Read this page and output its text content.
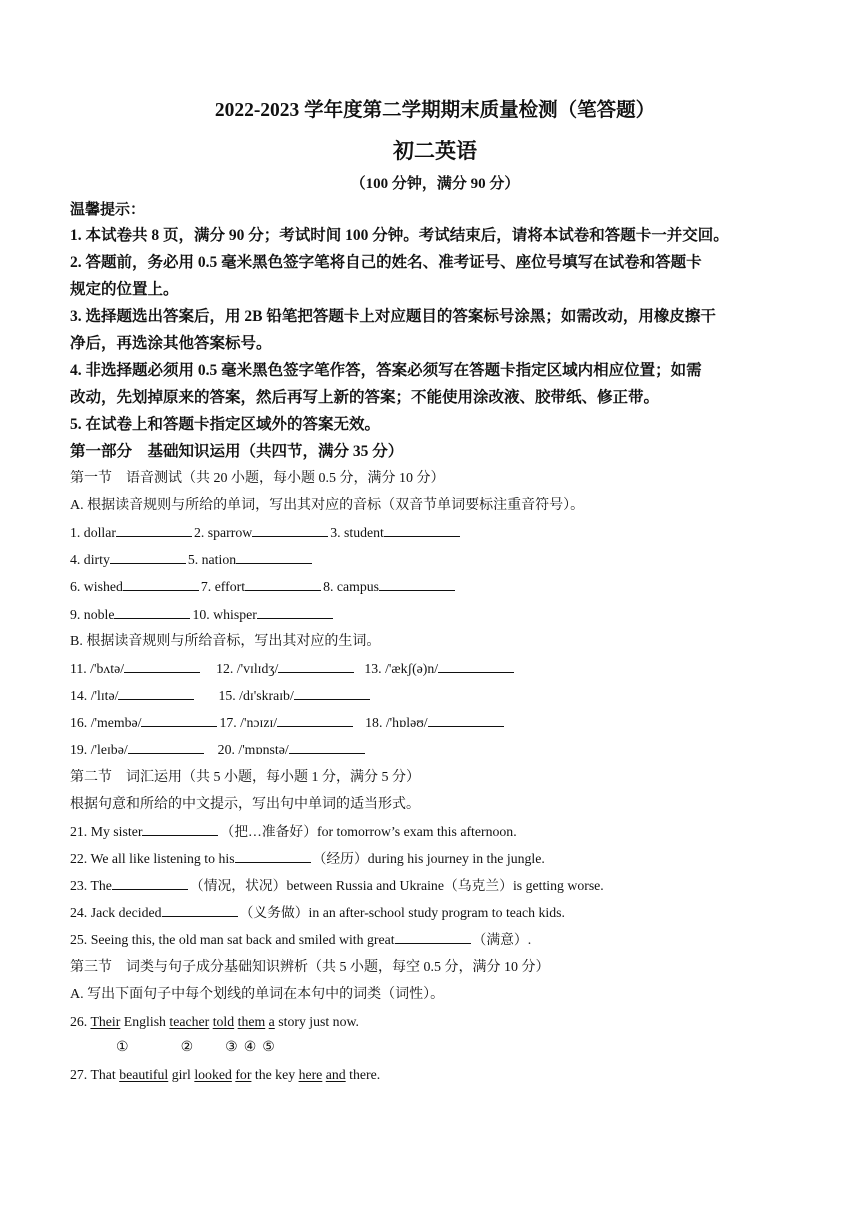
2022-2023 学年度第二学期期末质量检测（笔答题）
初二英语
（100 分钟，满分 90 分）
温馨提示：
1. 本试卷共 8 页，满分 90 分；考试时间 100 分钟。考试结束后，请将本试卷和答题卡一并交回。
2. 答题前，务必用 0.5 毫米黑色签字笔将自己的姓名、准考证号、座位号填写在试卷和答题卡
规定的位置上。
3. 选择题选出答案后，用 2B 铅笔把答题卡上对应题目的答案标号涂黑；如需改动，用橡皮擦干
净后，再选涂其他答案标号。
4. 非选择题必须用 0.5 毫米黑色签字笔作答，答案必须写在答题卡指定区域内相应位置；如需
改动，先划掉原来的答案，然后再写上新的答案；不能使用涂改液、胶带纸、修正带。
5. 在试卷上和答题卡指定区域外的答案无效。
第一部分　基础知识运用（共四节，满分 35 分）
第一节　语音测试（共 20 小题，每小题 0.5 分，满分 10 分）
A. 根据读音规则与所给的单词，写出其对应的音标（双音节单词要标注重音符号）。
1. dollar	2. sparrow	3. student
4. dirty	5. nation
6. wished	7. effort	8. campus
9. noble	10. whisper
B. 根据读音规则与所给音标，写出其对应的生词。
11. /'bʌtə/	12. /'vɪlɪdʒ/	13. /'ækʃ(ə)n/
14. /'lɪtə/	15. /dɪ'skraɪb/
16. /'membə/	17. /'nɔɪzɪ/	18. /'hɒləʊ/
19. /'leɪbə/	20. /'mɒnstə/
第二节　词汇运用（共 5 小题，每小题 1 分，满分 5 分）
根据句意和所给的中文提示，写出句中单词的适当形式。
21. My sister	（把…准备好）for tomorrow’s exam this afternoon.
22. We all like listening to his	（经历）during his journey in the jungle.
23. The	（情况，状况）between Russia and Ukraine（乌克兰）is getting worse.
24. Jack decided	（义务做）in an after-school study program to teach kids.
25. Seeing this, the old man sat back and smiled with great	（满意）.
第三节　词类与句子成分基础知识辨析（共 5 小题，每空 0.5 分，满分 10 分）
A. 写出下面句子中每个划线的单词在本句中的词类（词性）。
26. Their English teacher told them a story just now.
①	② ③ ④ ⑤
27. That beautiful girl looked for the key here and there.
